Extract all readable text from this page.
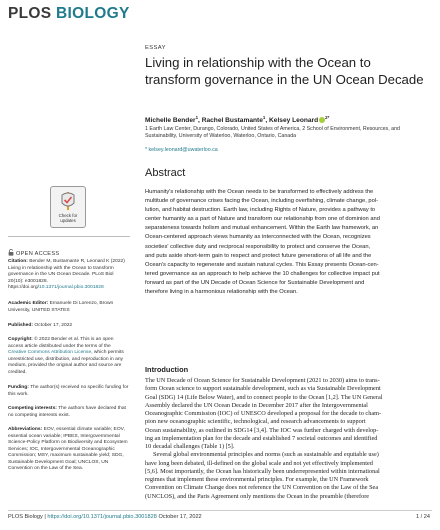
PLOS BIOLOGY
ESSAY
Living in relationship with the Ocean to transform governance in the UN Ocean Decade
Michelle Bender$^1$, Rachel Bustamante$^1$, Kelsey Leonard $^{2*}$
1 Earth Law Center, Durango, Colorado, United States of America, 2 School of Environment, Resources, and Sustainability, University of Waterloo, Waterloo, Ontario, Canada
* kelsey.leonard@uwaterloo.ca
Abstract

Humanity's relationship with the Ocean needs to be transformed to effectively address the
multitude of governance crises facing the Ocean, including overfishing, climate change, pol-
lution, and habitat destruction. Earth law, including Rights of Nature, provides a pathway to
center humanity as a part of Nature and transform our relationship from one of dominion and
separateness towards holism and mutual enhancement. Within the Earth law framework, an
Ocean-centered approach views humanity as interconnected with the Ocean, recognizes
societies' collective duty and reciprocal responsibility to protect and conserve the Ocean,
and puts aside short-term gain to respect and protect future generations of all life and the
Ocean's capacity to regenerate and sustain natural cycles. This Essay presents Ocean-cen-
tered governance as an approach to help achieve the 10 challenges for collective impact put
forward as part of the UN Decade of Ocean Science for Sustainable Development and
therefore living in a harmonious relationship with the Ocean.

Introduction

The UN Decade of Ocean Science for Sustainable Development (2021 to 2030) aims to trans-
form Ocean science to support sustainable development, such as via Sustainable Development
Goal (SDG) 14 (Life Below Water), and to connect people to the Ocean [1,2]. The UN General
Assembly declared the UN Ocean Decade in December 2017 after the Intergovernmental
Oceanographic Commission (IOC) of UNESCO developed a proposal for the decade to cham-
pion new oceanographic scientific, technological, and research advancements to support
Ocean sustainability, as outlined in SDG14 [3,4]. The IOC was further charged with develop-
ing an implementation plan for the decade and established 7 societal outcomes and identified
10 decadal challenges (Table 1) [5].
Several global environmental principles and norms (such as sustainable and equitable use)
have long been debated, ill-defined on the global scale and not yet effectively implemented
[5,6]. Most importantly, the Ocean has historically been underrepresented within international
regimes that implement these environmental principles. For example, the UN Framework
Convention on Climate Change does not reference the UN Convention on the Law of the Sea
(UNCLOS), and the Paris Agreement only mentions the Ocean in the preamble (therefore

Check for
updates
OPEN ACCESS
Citation: Bender M, Bustamante R, Leonard K (2022) Living in relationship with the Ocean to transform governance in the UN Ocean Decade. PLoS Biol 20(10): e3001828. https://doi.org/10.1371/journal.pbio.3001828
Academic Editor: Emanuele Di Lorenzo, Brown University, UNITED STATES
Published: October 17, 2022
Copyright: © 2022 Bender et al. This is an open access article distributed under the terms of the Creative Commons Attribution License, which permits unrestricted use, distribution, and reproduction in any medium, provided the original author and source are credited.
Funding: The author(s) received no specific funding for this work.
Competing interests: The authors have declared that no competing interests exist.
Abbreviations: EOV, essential climate variable; EOV, essential ocean variable; IPBES, Intergovernmental Science-Policy Platform on Biodiversity and Ecosystem Services; IOC, Intergovernmental Oceanographic Commission; MSY, maximum sustainable yield; SDG, Sustainable Development Goal; UNCLOS, UN Convention on the Law of the Sea.
PLOS Biology | https://doi.org/10.1371/journal.pbio.3001828 October 17, 2022	1 / 24
